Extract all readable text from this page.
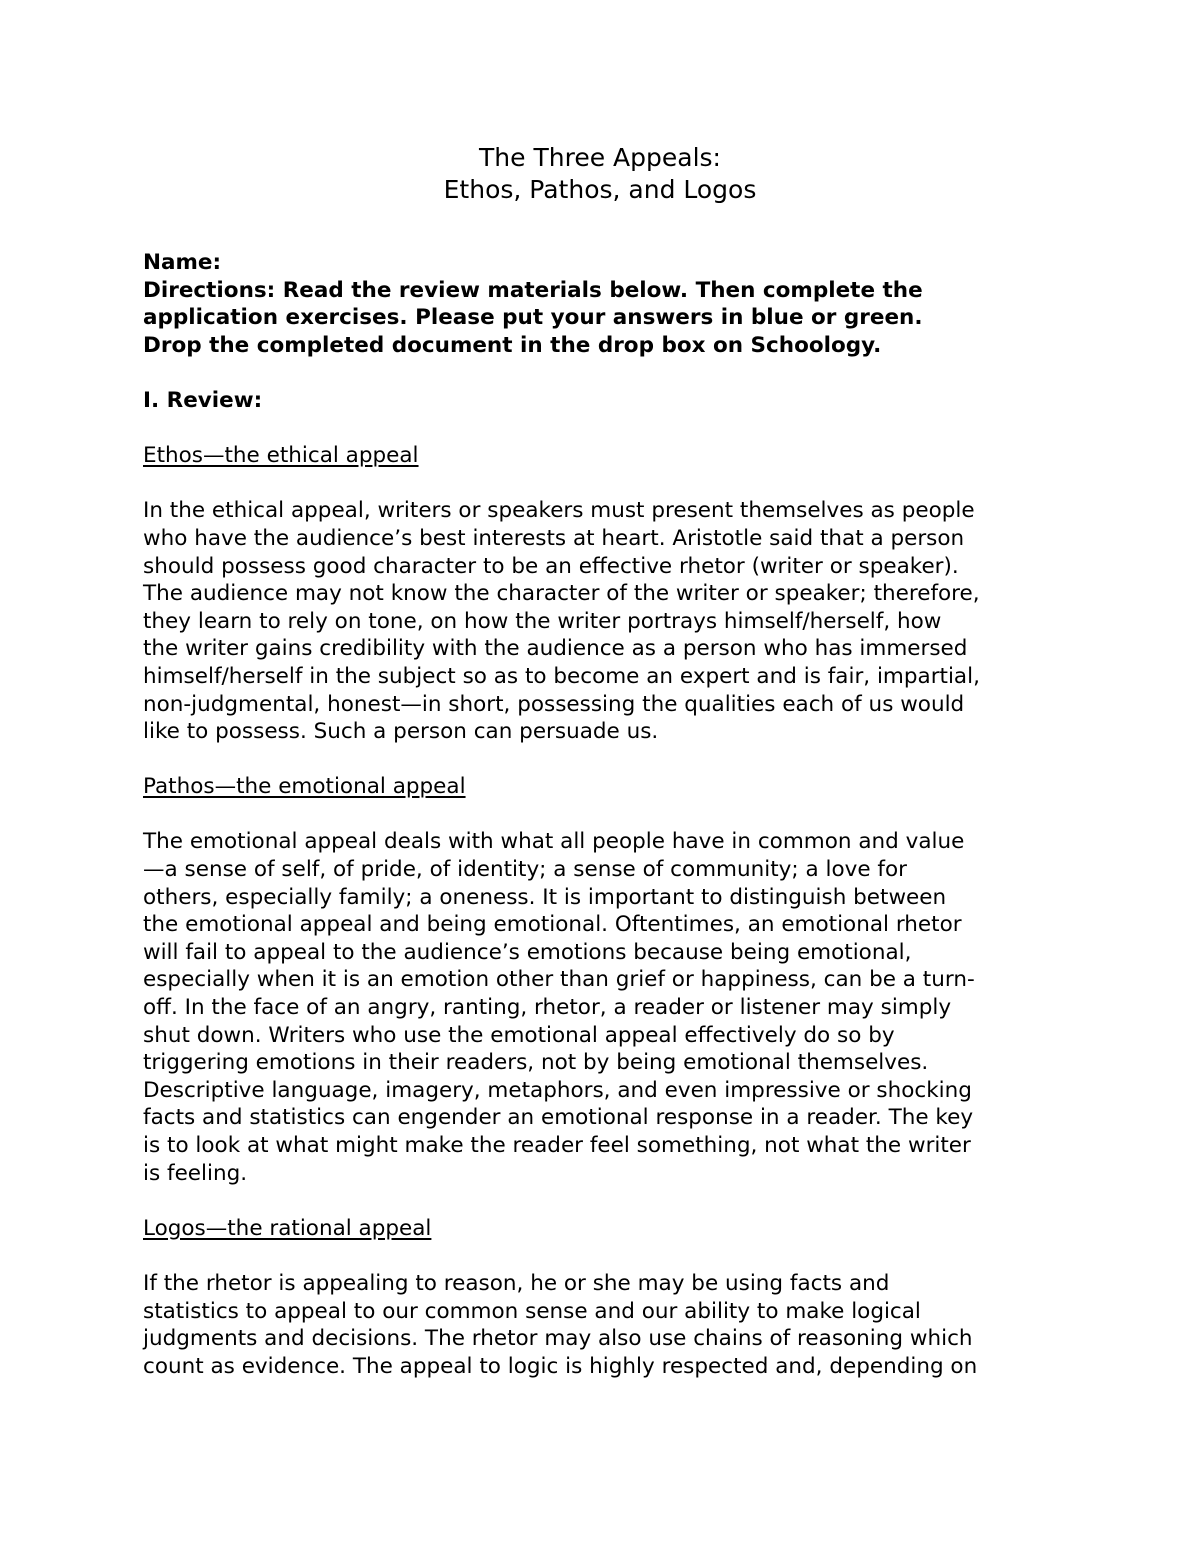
The Three Appeals:

Ethos, Pathos, and Logos

Name:

Directions: Read the review materials below. Then complete the

application exercises. Please put your answers in blue or green.

Drop the completed document in the drop box on Schoology.

I. Review:

Ethos—the ethical appeal
In the ethical appeal, writers or speakers must present themselves as people
who have the audience’s best interests at heart. Aristotle said that a person
should possess good character to be an effective rhetor (writer or speaker).
The audience may not know the character of the writer or speaker; therefore,
they learn to rely on tone, on how the writer portrays himself/herself, how
the writer gains credibility with the audience as a person who has immersed
himself/herself in the subject so as to become an expert and is fair, impartial,
non-judgmental, honest—in short, possessing the qualities each of us would
like to possess. Such a person can persuade us.
Pathos—the emotional appeal
The emotional appeal deals with what all people have in common and value
—a sense of self, of pride, of identity; a sense of community; a love for
others, especially family; a oneness. It is important to distinguish between
the emotional appeal and being emotional. Oftentimes, an emotional rhetor
will fail to appeal to the audience’s emotions because being emotional,
especially when it is an emotion other than grief or happiness, can be a turn-
off. In the face of an angry, ranting, rhetor, a reader or listener may simply
shut down. Writers who use the emotional appeal effectively do so by
triggering emotions in their readers, not by being emotional themselves.
Descriptive language, imagery, metaphors, and even impressive or shocking
facts and statistics can engender an emotional response in a reader. The key
is to look at what might make the reader feel something, not what the writer
is feeling.
Logos—the rational appeal
If the rhetor is appealing to reason, he or she may be using facts and
statistics to appeal to our common sense and our ability to make logical
judgments and decisions. The rhetor may also use chains of reasoning which
count as evidence. The appeal to logic is highly respected and, depending on
